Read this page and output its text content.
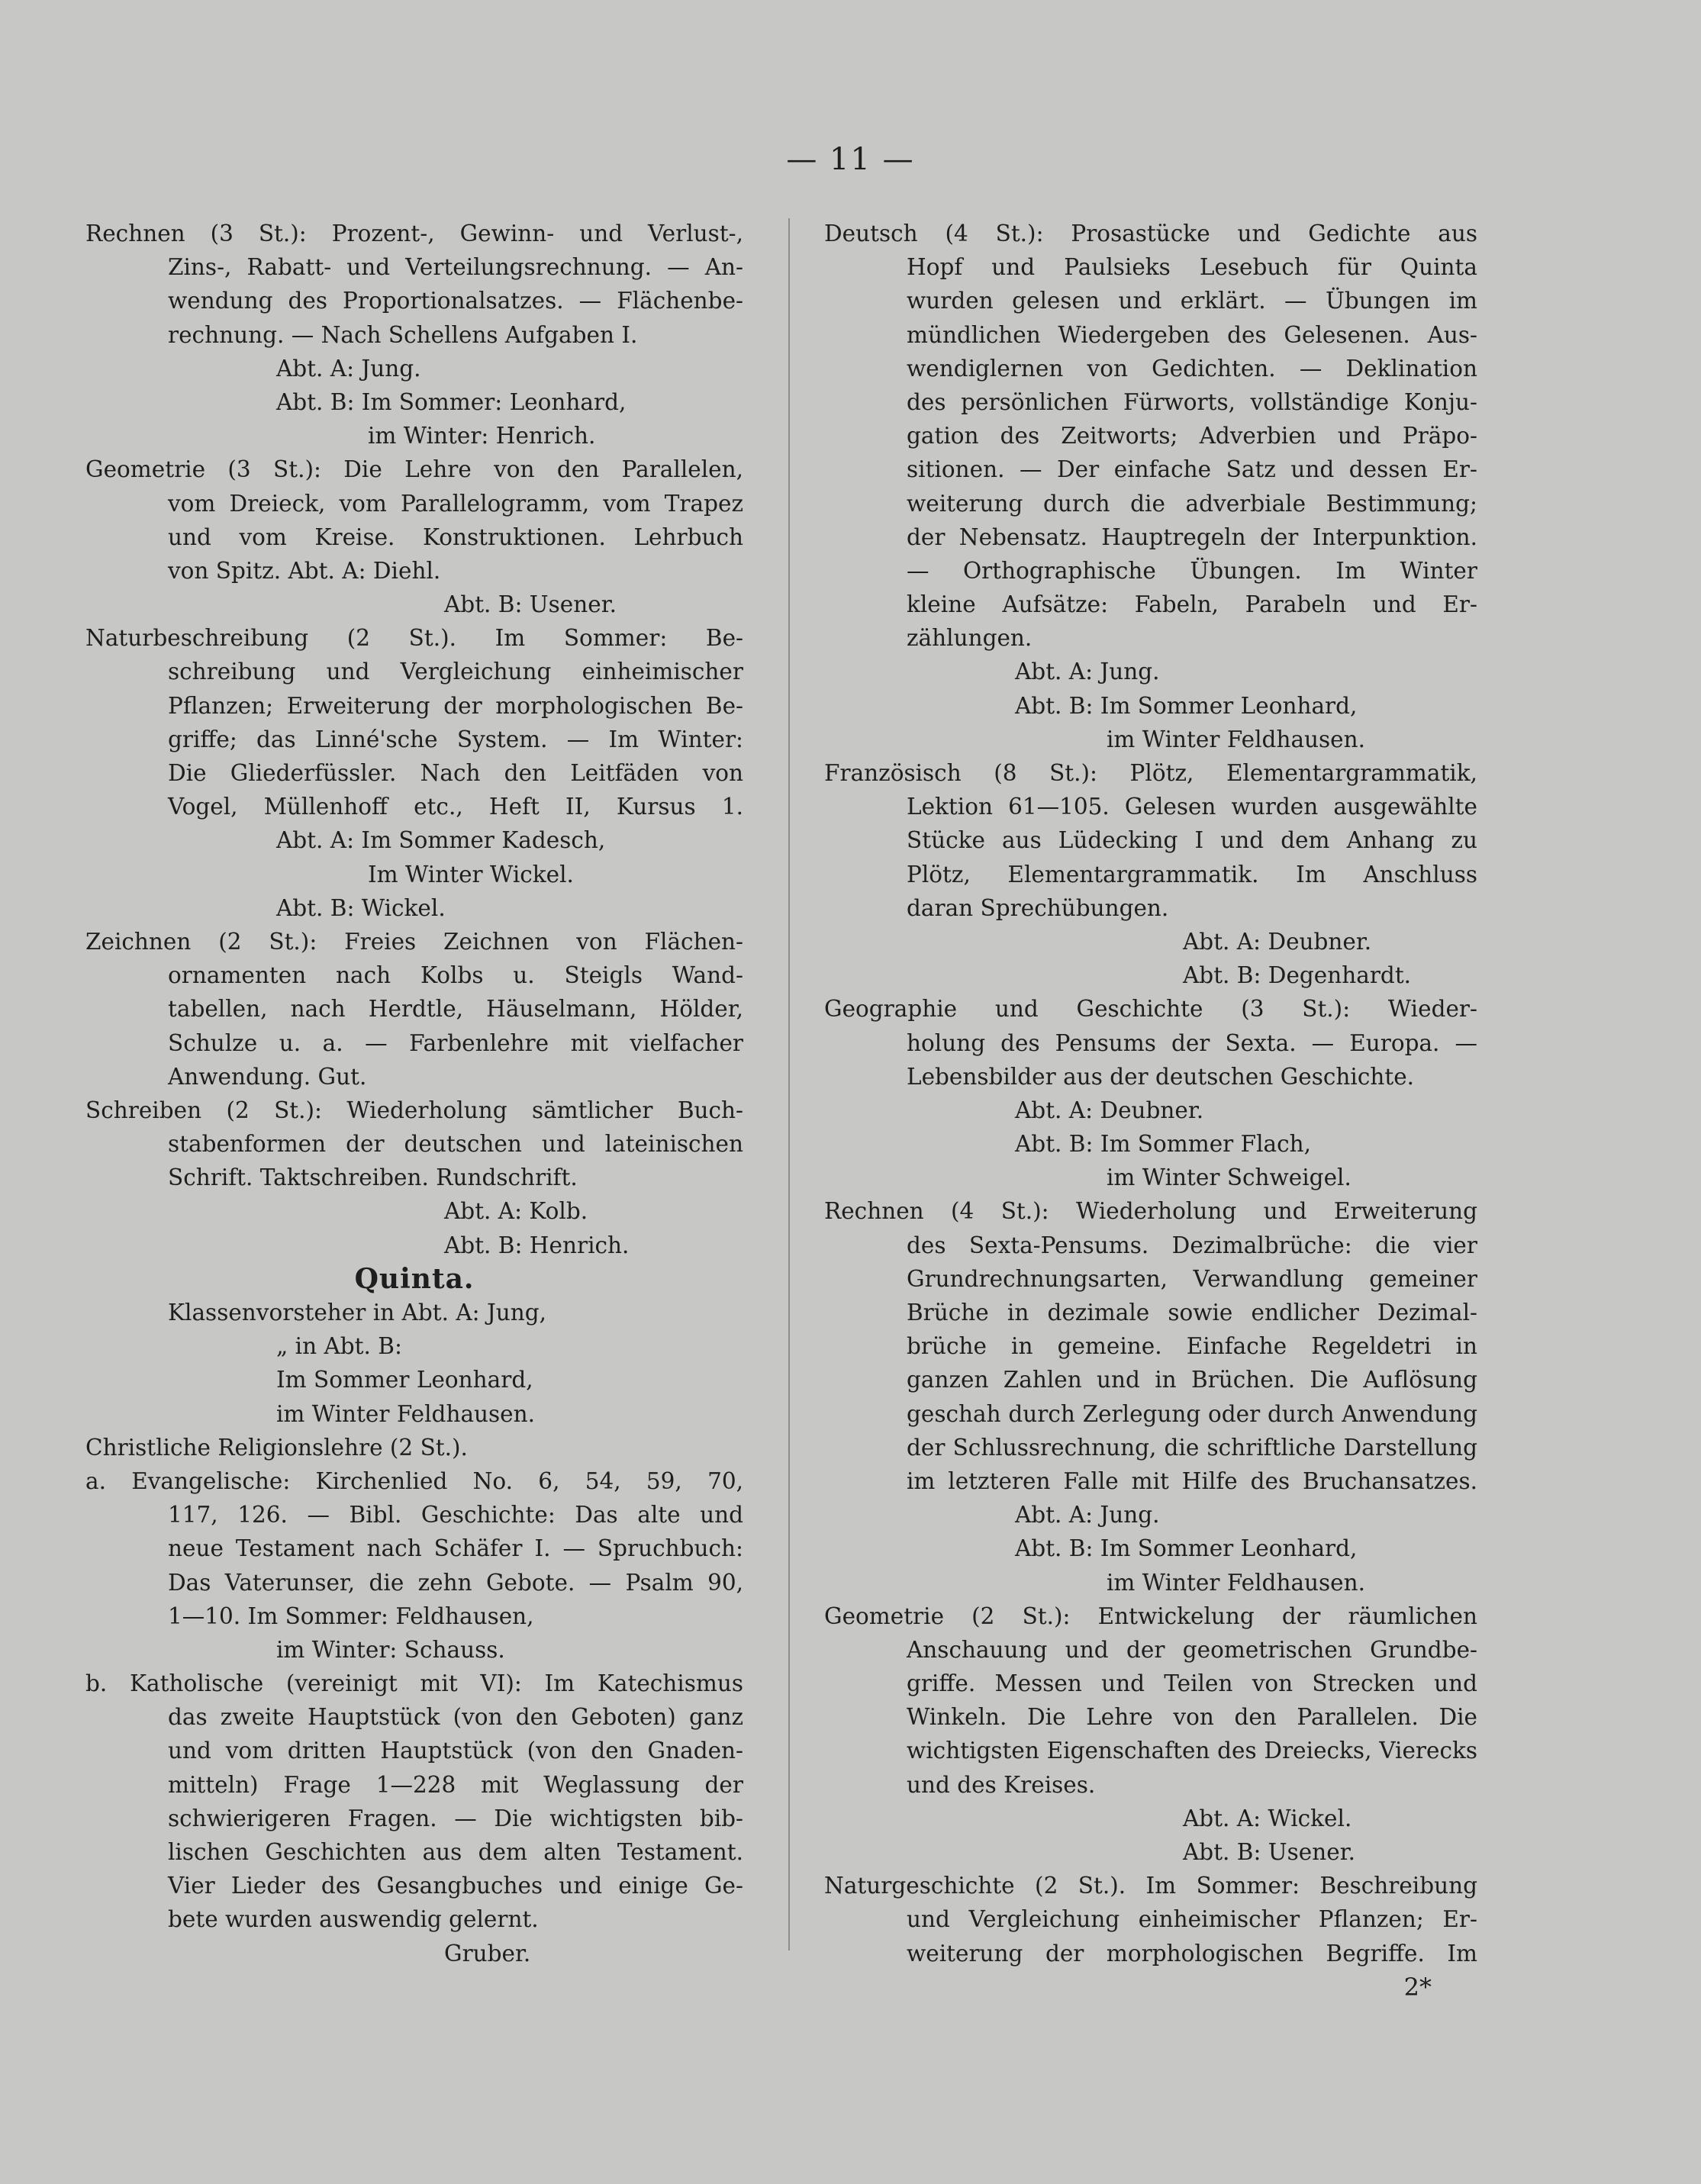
— 11 —
Rechnen (3 St.): Prozent-, Gewinn- und Verlust-,
Zins-, Rabatt- und Verteilungsrechnung. — An-
wendung des Proportionalsatzes. — Flächenbe-
rechnung. — Nach Schellens Aufgaben I.
Abt. A: Jung.
Abt. B: Im Sommer: Leonhard,
im Winter: Henrich.
Geometrie (3 St.): Die Lehre von den Parallelen,
vom Dreieck, vom Parallelogramm, vom Trapez
und vom Kreise. Konstruktionen. Lehrbuch
von Spitz. Abt. A: Diehl.
Abt. B: Usener.
Naturbeschreibung (2 St.). Im Sommer: Be-
schreibung und Vergleichung einheimischer
Pflanzen; Erweiterung der morphologischen Be-
griffe; das Linné'sche System. — Im Winter:
Die Gliederfüssler. Nach den Leitfäden von
Vogel, Müllenhoff etc., Heft II, Kursus 1.
Abt. A: Im Sommer Kadesch,
Im Winter Wickel.
Abt. B: Wickel.
Zeichnen (2 St.): Freies Zeichnen von Flächen-
ornamenten nach Kolbs u. Steigls Wand-
tabellen, nach Herdtle, Häuselmann, Hölder,
Schulze u. a. — Farbenlehre mit vielfacher
Anwendung. Gut.
Schreiben (2 St.): Wiederholung sämtlicher Buch-
stabenformen der deutschen und lateinischen
Schrift. Taktschreiben. Rundschrift.
Abt. A: Kolb.
Abt. B: Henrich.
Quinta.
Klassenvorsteher in Abt. A: Jung,
„ in Abt. B:
Im Sommer Leonhard,
im Winter Feldhausen.
Christliche Religionslehre (2 St.).
a. Evangelische: Kirchenlied No. 6, 54, 59, 70,
117, 126. — Bibl. Geschichte: Das alte und
neue Testament nach Schäfer I. — Spruchbuch:
Das Vaterunser, die zehn Gebote. — Psalm 90,
1—10. Im Sommer: Feldhausen,
im Winter: Schauss.
b. Katholische (vereinigt mit VI): Im Katechismus
das zweite Hauptstück (von den Geboten) ganz
und vom dritten Hauptstück (von den Gnaden-
mitteln) Frage 1—228 mit Weglassung der
schwierigeren Fragen. — Die wichtigsten bib-
lischen Geschichten aus dem alten Testament.
Vier Lieder des Gesangbuches und einige Ge-
bete wurden auswendig gelernt.
Gruber.
Deutsch (4 St.): Prosastücke und Gedichte aus
Hopf und Paulsieks Lesebuch für Quinta
wurden gelesen und erklärt. — Übungen im
mündlichen Wiedergeben des Gelesenen. Aus-
wendiglernen von Gedichten. — Deklination
des persönlichen Fürworts, vollständige Konju-
gation des Zeitworts; Adverbien und Präpo-
sitionen. — Der einfache Satz und dessen Er-
weiterung durch die adverbiale Bestimmung;
der Nebensatz. Hauptregeln der Interpunktion.
— Orthographische Übungen. Im Winter
kleine Aufsätze: Fabeln, Parabeln und Er-
zählungen.
Abt. A: Jung.
Abt. B: Im Sommer Leonhard,
im Winter Feldhausen.
Französisch (8 St.): Plötz, Elementargrammatik,
Lektion 61—105. Gelesen wurden ausgewählte
Stücke aus Lüdecking I und dem Anhang zu
Plötz, Elementargrammatik. Im Anschluss
daran Sprechübungen.
Abt. A: Deubner.
Abt. B: Degenhardt.
Geographie und Geschichte (3 St.): Wieder-
holung des Pensums der Sexta. — Europa. —
Lebensbilder aus der deutschen Geschichte.
Abt. A: Deubner.
Abt. B: Im Sommer Flach,
im Winter Schweigel.
Rechnen (4 St.): Wiederholung und Erweiterung
des Sexta-Pensums. Dezimalbrüche: die vier
Grundrechnungsarten, Verwandlung gemeiner
Brüche in dezimale sowie endlicher Dezimal-
brüche in gemeine. Einfache Regeldetri in
ganzen Zahlen und in Brüchen. Die Auflösung
geschah durch Zerlegung oder durch Anwendung
der Schlussrechnung, die schriftliche Darstellung
im letzteren Falle mit Hilfe des Bruchansatzes.
Abt. A: Jung.
Abt. B: Im Sommer Leonhard,
im Winter Feldhausen.
Geometrie (2 St.): Entwickelung der räumlichen
Anschauung und der geometrischen Grundbe-
griffe. Messen und Teilen von Strecken und
Winkeln. Die Lehre von den Parallelen. Die
wichtigsten Eigenschaften des Dreiecks, Vierecks
und des Kreises.
Abt. A: Wickel.
Abt. B: Usener.
Naturgeschichte (2 St.). Im Sommer: Beschreibung
und Vergleichung einheimischer Pflanzen; Er-
weiterung der morphologischen Begriffe. Im
2*
